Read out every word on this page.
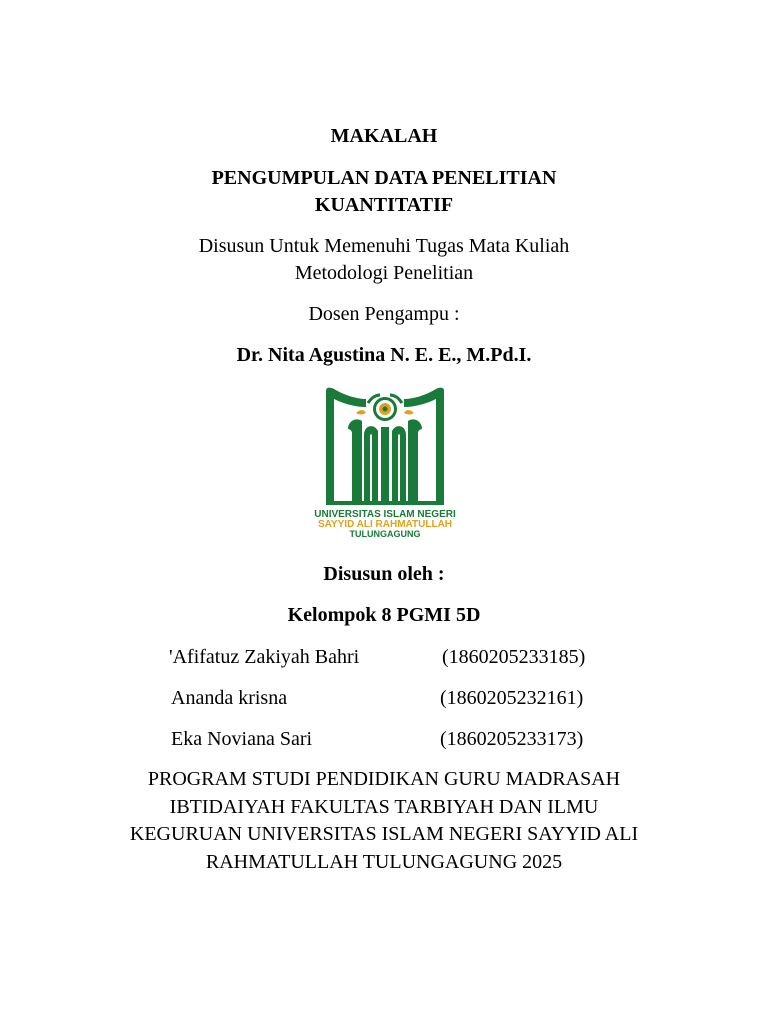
MAKALAH
PENGUMPULAN DATA PENELITIAN KUANTITATIF
Disusun Untuk Memenuhi Tugas Mata Kuliah Metodologi Penelitian
Dosen Pengampu :
Dr. Nita Agustina N. E. E., M.Pd.I.
UNIVERSITAS ISLAM NEGERI
SAYYID ALI RAHMATULLAH
TULUNGAGUNG
Disusun oleh :
Kelompok 8 PGMI 5D
'Afifatuz Zakiyah Bahri	(1860205233185)
Ananda krisna	(1860205232161)
Eka Noviana Sari	(1860205233173)
PROGRAM STUDI PENDIDIKAN GURU MADRASAH IBTIDAIYAH FAKULTAS TARBIYAH DAN ILMU KEGURUAN UNIVERSITAS ISLAM NEGERI SAYYID ALI RAHMATULLAH TULUNGAGUNG 2025
